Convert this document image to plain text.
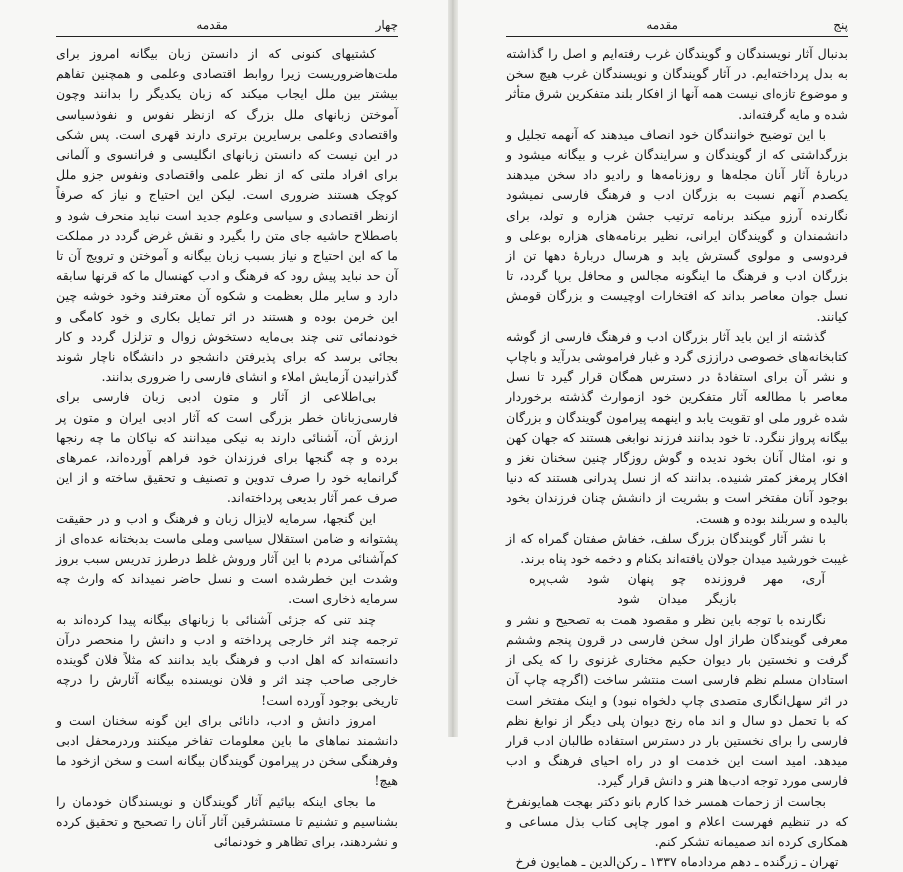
چهار
مقدمه

کشتیهای کنونی که از دانستن زبان بیگانه امروز برای ملت‌هاضروریست زیرا روابط اقتصادی وعلمی و همچنین تفاهم بیشتر بین ملل ایجاب میکند که زبان یکدیگر را بدانند وچون آموختن زبانهای ملل بزرگ که ازنظر نفوس و نفوذسیاسی واقتصادی وعلمی برسایرین برتری دارند قهری است. پس شکی در این نیست که دانستن زبانهای انگلیسی و فرانسوی و آلمانی برای افراد ملتی که از نظر علمی واقتصادی ونفوس جزو ملل کوچک هستند ضروری است. لیکن این احتیاج و نیاز که صرفاً ازنظر اقتصادی و سیاسی وعلوم جدید است نباید منحرف شود و باصطلاح حاشیه جای متن را بگیرد و نقش غرض گردد در مملکت ما که این احتیاج و نیاز بسبب زبان بیگانه و آموختن و ترویج آن تا آن حد نباید پیش رود که فرهنگ و ادب کهنسال ما که قرنها سابقه دارد و سایر ملل بعظمت و شکوه آن معترفند وخود خوشه چین این خرمن بوده و هستند در اثر تمایل بکاری و خود کامگی و خودنمائی تنی چند بی‌مایه دستخوش زوال و تزلزل گردد و کار بجائی برسد که برای پذیرفتن دانشجو در دانشگاه ناچار شوند گذرانیدن آزمایش املاء و انشای فارسی را ضروری بدانند.

بی‌اطلاعی از آثار و متون ادبی زبان فارسی برای فارسی‌زبانان خطر بزرگی است که آثار ادبی ایران و متون پر ارزش آن، آشنائی دارند به نیکی میدانند که نیاکان ما چه رنجها برده و چه گنجها برای فرزندان خود فراهم آورده‌اند، عمرهای گرانمایه خود را صرف تدوین و تصنیف و تحقیق ساخته و از این صرف عمر آثار بدیعی پرداخته‌اند.

این گنجها، سرمایه لایزال زبان و فرهنگ و ادب و در حقیقت پشتوانه و ضامن استقلال سیاسی وملی ماست بدبختانه عده‌ای از کم‌آشنائی مردم با این آثار وروش غلط درطرز تدریس سبب بروز وشدت این خطرشده است و نسل حاضر نمیداند که وارث چه سرمایه ذخاری است.

چند تنی که جزئی آشنائی با زبانهای بیگانه پیدا کرده‌اند به ترجمه چند اثر خارجی پرداخته و ادب و دانش را منحصر درآن دانسته‌اند که اهل ادب و فرهنگ باید بدانند که مثلاً فلان گوینده خارجی صاحب چند اثر و فلان نویسنده بیگانه آثارش را درچه تاریخی بوجود آورده است!

امروز دانش و ادب، دانائی برای این گونه سخنان است و دانشمند نماهای ما باین معلومات تفاخر میکنند وردرمحفل ادبی وفرهنگی سخن در پیرامون گویندگان بیگانه است و سخن ازخود ما هیچ!

ما بجای اینکه بیائیم آثار گویندگان و نویسندگان خودمان را بشناسیم و تشنیم تا مستشرقین آثار آنان را تصحیح و تحقیق کرده و نشردهند، برای تظاهر و خودنمائی

پنج
مقدمه

بدنبال آثار نویسندگان و گویندگان غرب رفته‌ایم و اصل را گذاشته به بدل پرداخته‌ایم. در آثار گویندگان و نویسندگان غرب هیچ سخن و موضوع تازه‌ای نیست همه آنها از افکار بلند متفکرین شرق متأثر شده و مایه گرفته‌اند.

با این توضیح خوانندگان خود انصاف میدهند که آنهمه تجلیل و بزرگداشتی که از گویندگان و سرایندگان غرب و بیگانه میشود و دربارهٔ آثار آنان مجله‌ها و روزنامه‌ها و رادیو داد سخن میدهند یکصدم آنهم نسبت به بزرگان ادب و فرهنگ فارسی نمیشود نگارنده آرزو میکند برنامه ترتیب جشن هزاره و تولد، برای دانشمندان و گویندگان ایرانی، نظیر برنامه‌های هزاره بوعلی و فردوسی و مولوی گسترش یابد و هرسال دربارهٔ دهها تن از بزرگان ادب و فرهنگ ما اینگونه مجالس و محافل برپا گردد، تا نسل جوان معاصر بداند که افتخارات اوچیست و بزرگان قومش کیانند.

گذشته از این باید آثار بزرگان ادب و فرهنگ فارسی از گوشه کتابخانه‌های خصوصی دراززی گرد و غبار فراموشی بدرآید و باچاپ و نشر آن برای استفادهٔ در دسترس همگان قرار گیرد تا نسل معاصر با مطالعه آثار متفکرین خود ازموارث گذشته برخوردار شده غرور ملی او تقویت یابد و اینهمه پیرامون گویندگان و بزرگان بیگانه پرواز ننگرد. تا خود بدانند فرزند نوابغی هستند که جهان کهن و نو، امثال آنان بخود ندیده و گوش روزگار چنین سخنان نغز و افکار پرمغز کمتر شنیده. بدانند که از نسل پدرانی هستند که دنیا بوجود آنان مفتخر است و بشریت از دانشش چنان فرزندان بخود بالیده و سربلند بوده و هست.

با نشر آثار گویندگان بزرگ سلف، خفاش صفتان گمراه که از غیبت خورشید میدان جولان یافته‌اند بکنام و دخمه خود پناه برند.

آری، مهر فروزنده چو پنهان شود شب‌پره بازیگر میدان شود

نگارنده با توجه باین نظر و مقصود همت به تصحیح و نشر و معرفی گویندگان طراز اول سخن فارسی در قرون پنجم وششم گرفت و نخستین بار دیوان حکیم مختاری غزنوی را که یکی از استادان مسلم نظم فارسی است منتشر ساخت (اگرچه چاپ آن در اثر سهل‌انگاری متصدی چاپ دلخواه نبود) و اینک مفتخر است که با تحمل دو سال و اند ماه رنج دیوان پلی دیگر از نوابغ نظم فارسی را برای نخستین بار در دسترس استفاده طالبان ادب قرار میدهد. امید است این خدمت او در راه احیای فرهنگ و ادب فارسی مورد توجه ادب‌ها هنر و دانش قرار گیرد.

بجاست از زحمات همسر خدا کارم بانو دکتر بهجت همایونفرخ که در تنظیم فهرست اعلام و امور چاپی کتاب بذل مساعی و همکاری کرده اند صمیمانه تشکر کنم.

تهران ـ زرگنده ـ دهم مردادماه ۱۳۳۷ ـ رکن‌الدین ـ همایون فرخ
